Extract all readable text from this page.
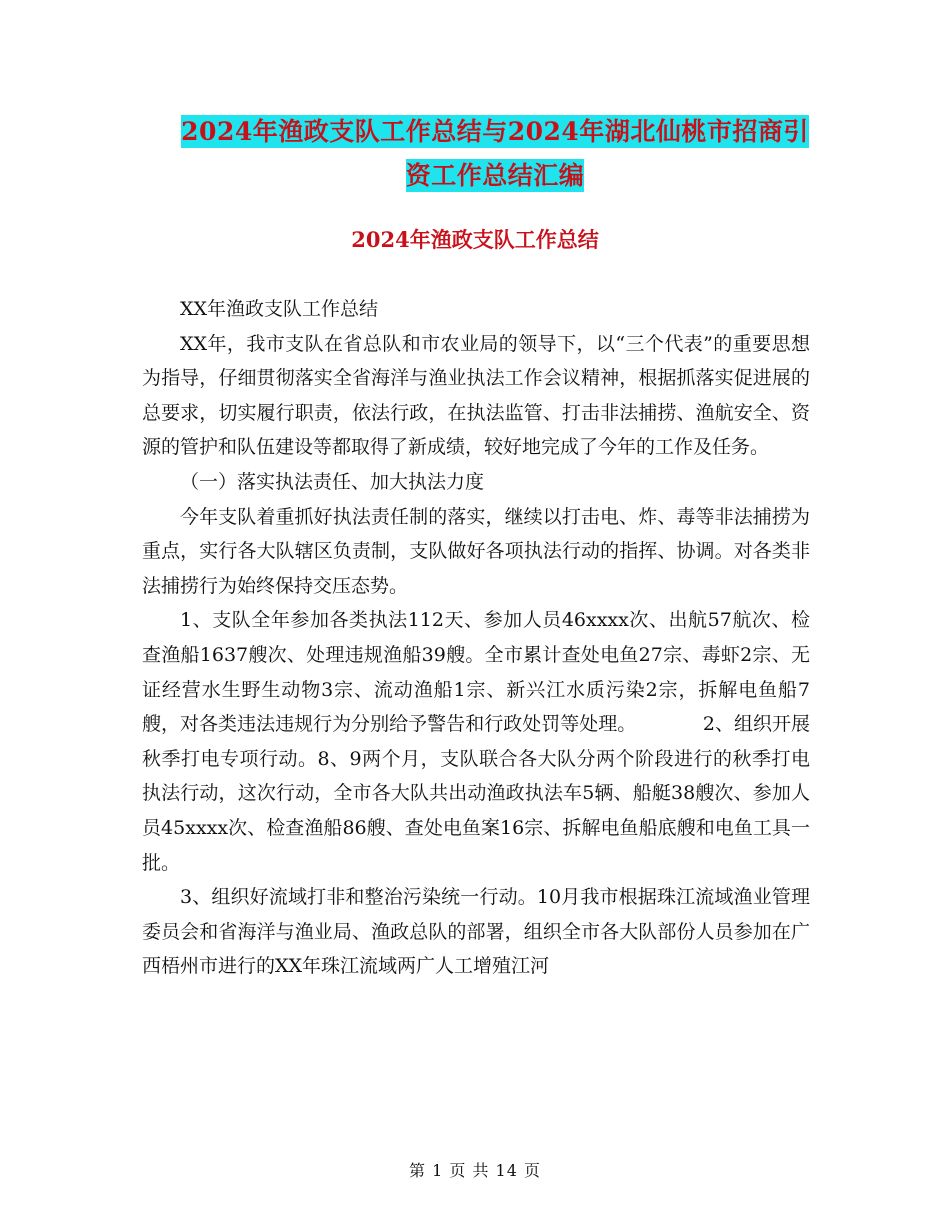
2024年渔政支队工作总结与2024年湖北仙桃市招商引
资工作总结汇编
2024年渔政支队工作总结

XX年渔政支队工作总结

XX年，我市支队在省总队和市农业局的领导下，以“三个代表”的重要思想为指导，仔细贯彻落实全省海洋与渔业执法工作会议精神，根据抓落实促进展的总要求，切实履行职责，依法行政，在执法监管、打击非法捕捞、渔航安全、资源的管护和队伍建设等都取得了新成绩，较好地完成了今年的工作及任务。

（一）落实执法责任、加大执法力度

今年支队着重抓好执法责任制的落实，继续以打击电、炸、毒等非法捕捞为重点，实行各大队辖区负责制，支队做好各项执法行动的指挥、协调。对各类非法捕捞行为始终保持交压态势。

1、支队全年参加各类执法112天、参加人员46xxxx次、出航57航次、检查渔船1637艘次、处理违规渔船39艘。全市累计查处电鱼27宗、毒虾2宗、无证经营水生野生动物3宗、流动渔船1宗、新兴江水质污染2宗，拆解电鱼船7艘，对各类违法违规行为分别给予警告和行政处罚等处理。　　　　2、组织开展秋季打电专项行动。8、9两个月，支队联合各大队分两个阶段进行的秋季打电执法行动，这次行动，全市各大队共出动渔政执法车5辆、船艇38艘次、参加人员45xxxx次、检查渔船86艘、查处电鱼案16宗、拆解电鱼船底艘和电鱼工具一批。

3、组织好流域打非和整治污染统一行动。10月我市根据珠江流域渔业管理委员会和省海洋与渔业局、渔政总队的部署，组织全市各大队部份人员参加在广西梧州市进行的XX年珠江流域两广人工增殖江河

第 1 页 共 14 页
